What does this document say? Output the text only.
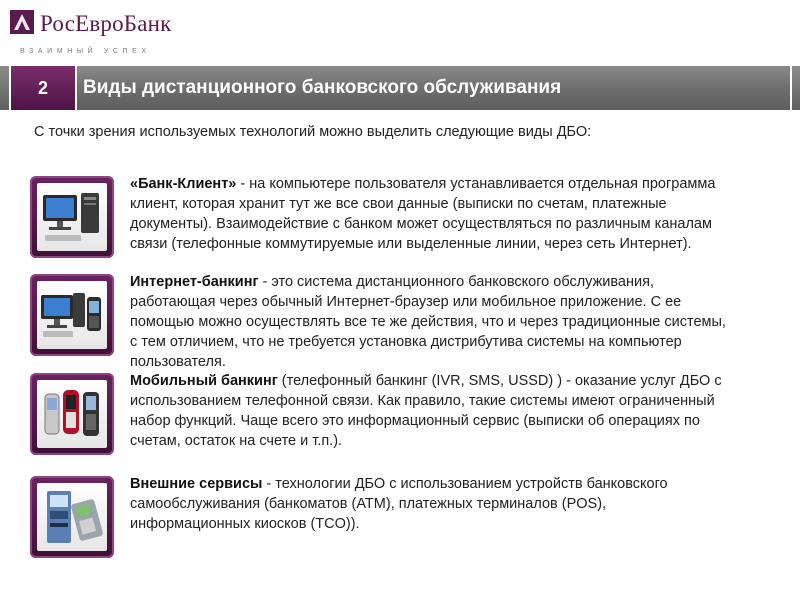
РосЕвроБанк
ВЗАИМНЫЙ УСПЕХ
2	Виды дистанционного банковского обслуживания
С точки зрения используемых технологий можно выделить следующие виды ДБО:
«Банк-Клиент» - на компьютере пользователя устанавливается отдельная программа клиент, которая хранит тут же все свои данные (выписки по счетам, платежные документы). Взаимодействие с банком может осуществляться по различным каналам связи (телефонные коммутируемые или выделенные линии, через сеть Интернет).
Интернет-банкинг - это система дистанционного банковского обслуживания, работающая через обычный Интернет-браузер или мобильное приложение. С ее помощью можно осуществлять все те же действия, что и через традиционные системы, с тем отличием, что не требуется установка дистрибутива системы на компьютер пользователя.
Мобильный банкинг (телефонный банкинг (IVR, SMS, USSD) ) - оказание услуг ДБО с использованием телефонной связи. Как правило, такие системы имеют ограниченный набор функций. Чаще всего это информационный сервис (выписки об операциях по счетам, остаток на счете и т.п.).
Внешние сервисы - технологии ДБО с использованием устройств банковского самообслуживания (банкоматов (ATM), платежных терминалов (POS), информационных киосков (TCO)).
